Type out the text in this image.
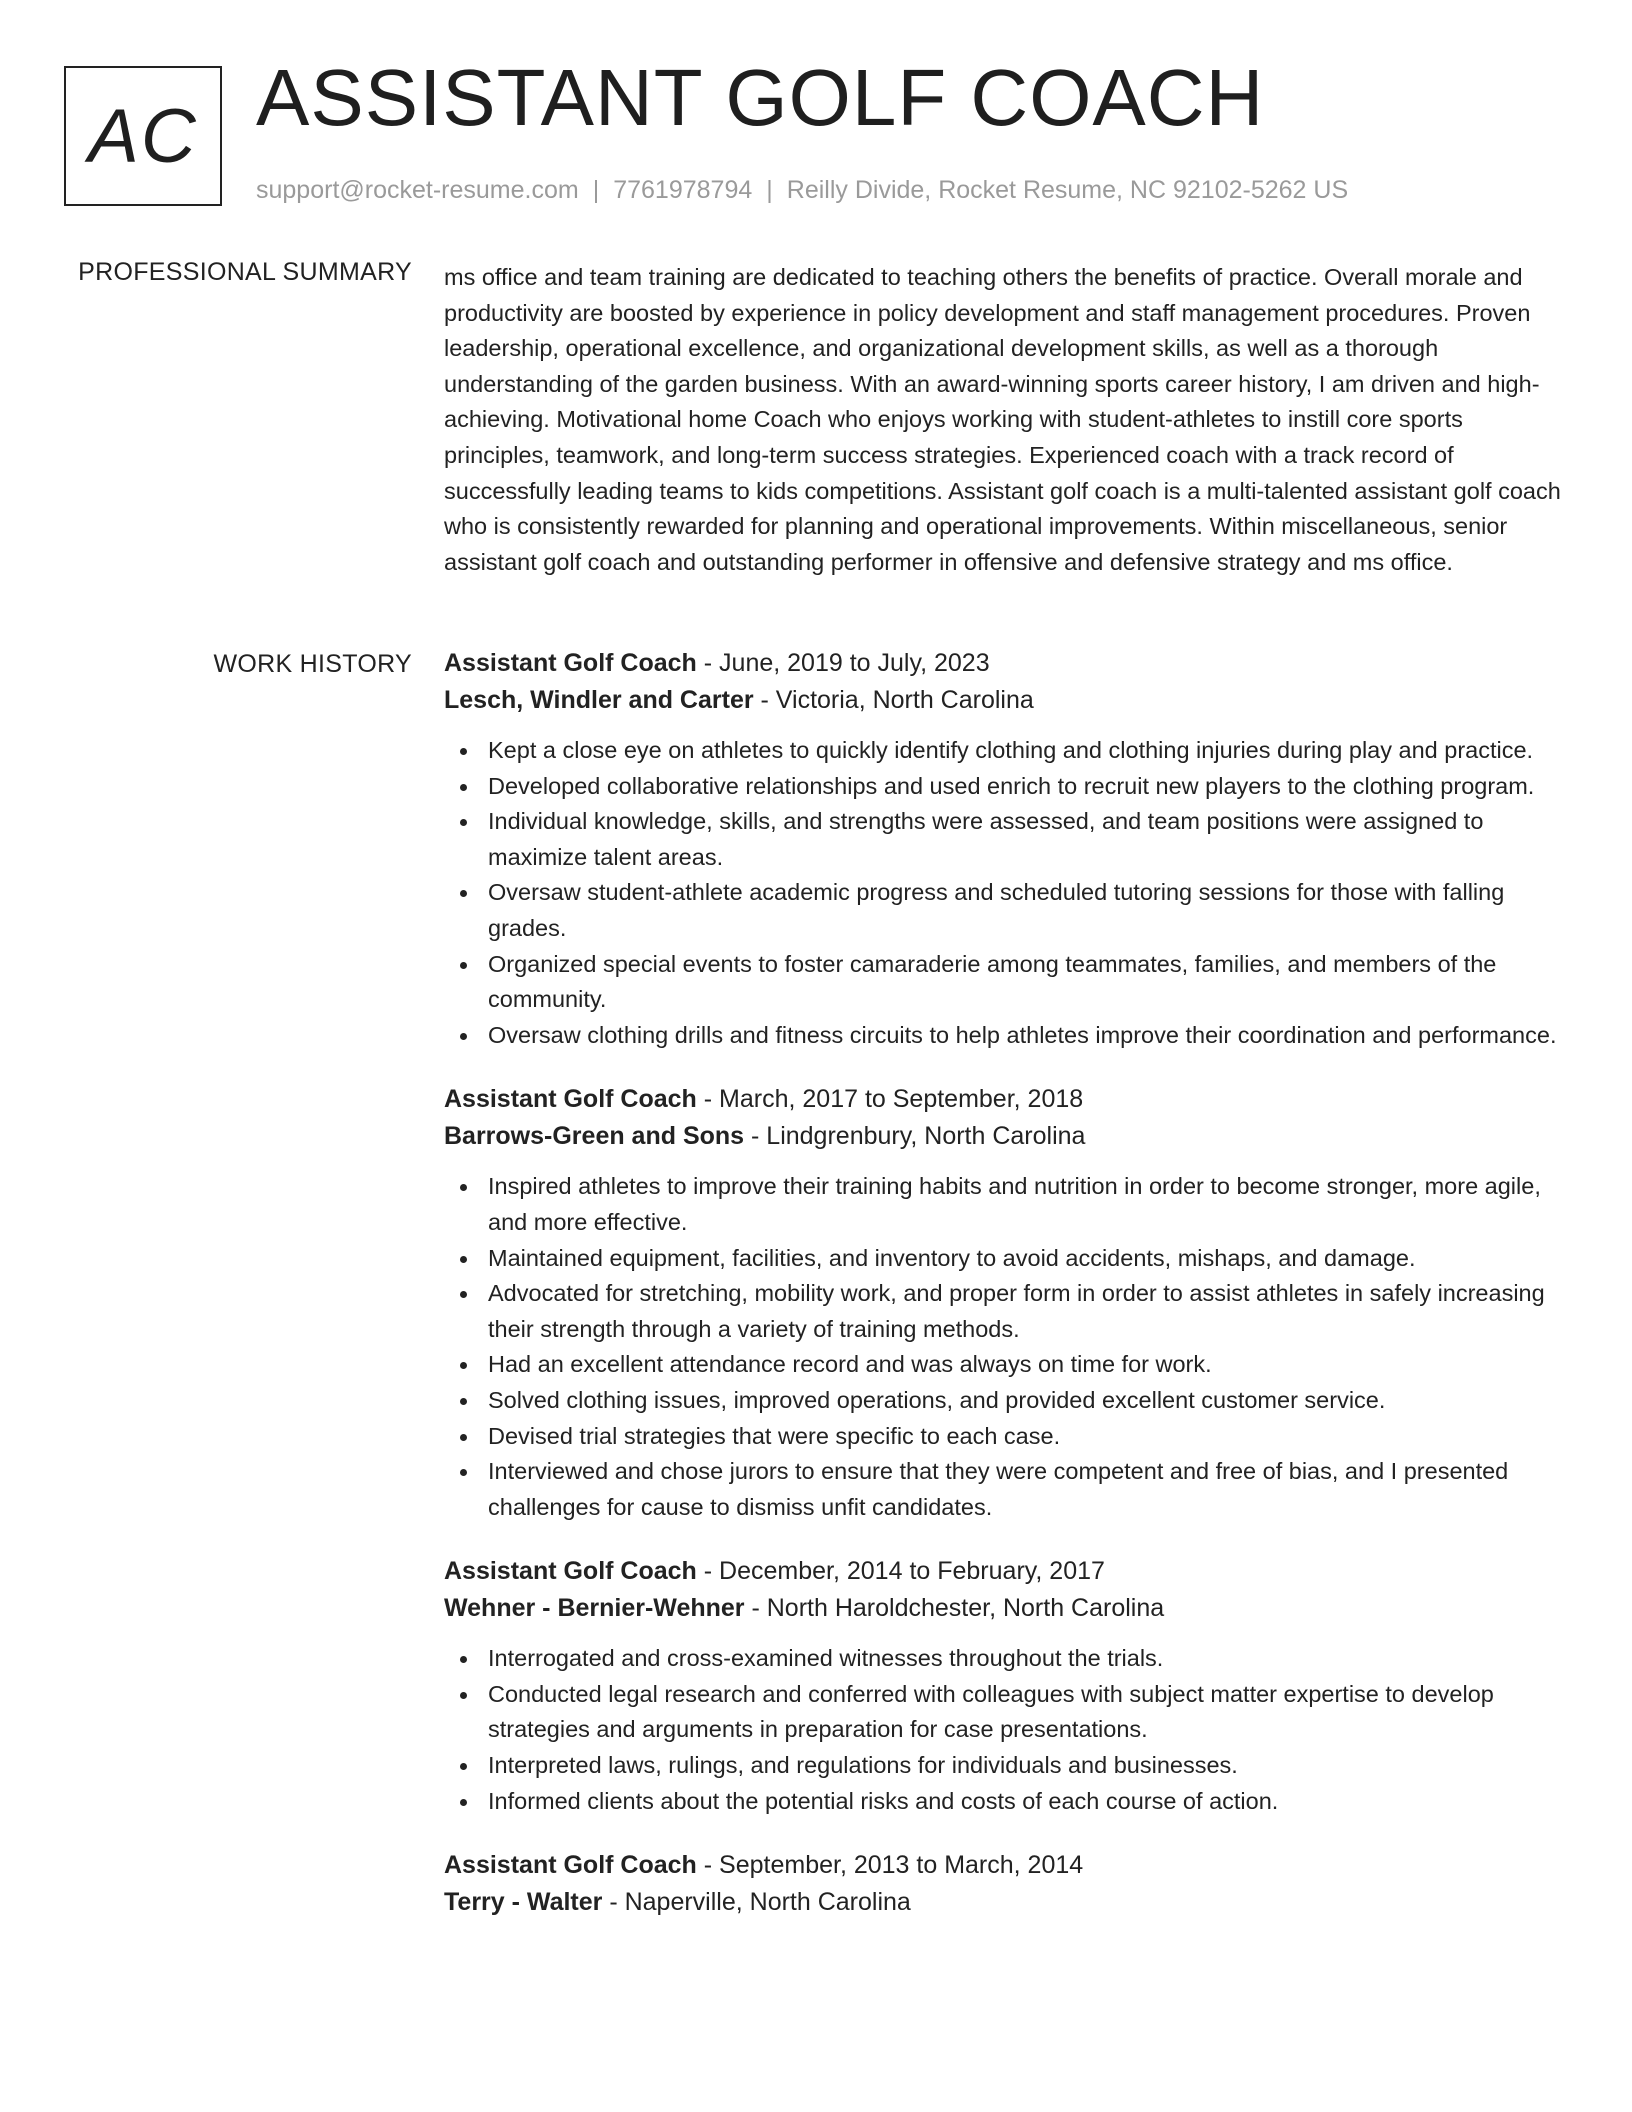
AC ASSISTANT GOLF COACH
support@rocket-resume.com | 7761978794 | Reilly Divide, Rocket Resume, NC 92102-5262 US
PROFESSIONAL SUMMARY ms office and team training are dedicated to teaching others the benefits of practice. Overall morale and productivity are boosted by experience in policy development and staff management procedures. Proven leadership, operational excellence, and organizational development skills, as well as a thorough understanding of the garden business. With an award-winning sports career history, I am driven and high-achieving. Motivational home Coach who enjoys working with student-athletes to instill core sports principles, teamwork, and long-term success strategies. Experienced coach with a track record of successfully leading teams to kids competitions. Assistant golf coach is a multi-talented assistant golf coach who is consistently rewarded for planning and operational improvements. Within miscellaneous, senior assistant golf coach and outstanding performer in offensive and defensive strategy and ms office.
WORK HISTORY Assistant Golf Coach - June, 2019 to July, 2023
Lesch, Windler and Carter - Victoria, North Carolina
Kept a close eye on athletes to quickly identify clothing and clothing injuries during play and practice.
Developed collaborative relationships and used enrich to recruit new players to the clothing program.
Individual knowledge, skills, and strengths were assessed, and team positions were assigned to maximize talent areas.
Oversaw student-athlete academic progress and scheduled tutoring sessions for those with falling grades.
Organized special events to foster camaraderie among teammates, families, and members of the community.
Oversaw clothing drills and fitness circuits to help athletes improve their coordination and performance.
Assistant Golf Coach - March, 2017 to September, 2018
Barrows-Green and Sons - Lindgrenbury, North Carolina
Inspired athletes to improve their training habits and nutrition in order to become stronger, more agile, and more effective.
Maintained equipment, facilities, and inventory to avoid accidents, mishaps, and damage.
Advocated for stretching, mobility work, and proper form in order to assist athletes in safely increasing their strength through a variety of training methods.
Had an excellent attendance record and was always on time for work.
Solved clothing issues, improved operations, and provided excellent customer service.
Devised trial strategies that were specific to each case.
Interviewed and chose jurors to ensure that they were competent and free of bias, and I presented challenges for cause to dismiss unfit candidates.
Assistant Golf Coach - December, 2014 to February, 2017
Wehner - Bernier-Wehner - North Haroldchester, North Carolina
Interrogated and cross-examined witnesses throughout the trials.
Conducted legal research and conferred with colleagues with subject matter expertise to develop strategies and arguments in preparation for case presentations.
Interpreted laws, rulings, and regulations for individuals and businesses.
Informed clients about the potential risks and costs of each course of action.
Assistant Golf Coach - September, 2013 to March, 2014
Terry - Walter - Naperville, North Carolina
